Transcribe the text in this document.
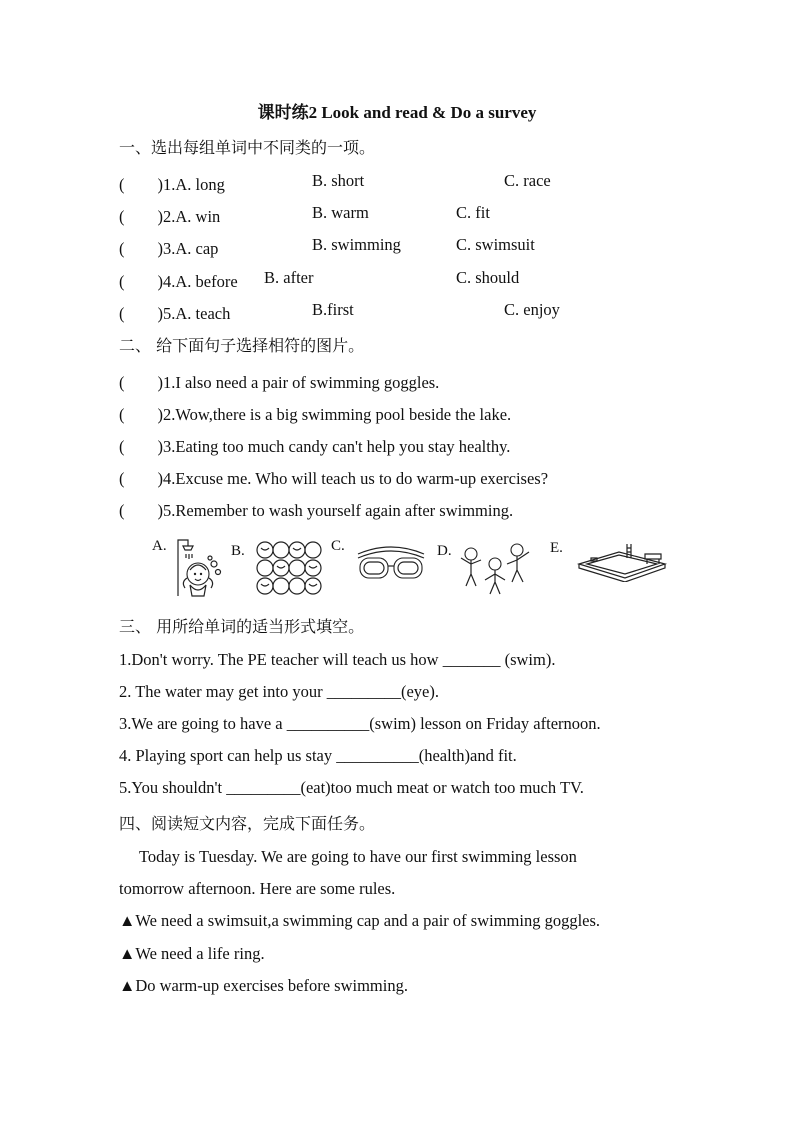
课时练2 Look and read & Do a survey
一、选出每组单词中不同类的一项。
(　　)1.A. long	B. short	C. race
(　　)2.A. win	B. warm	C. fit
(　　)3.A. cap	B. swimming	C. swimsuit
(　　)4.A. before B. after	C. should
(　　)5.A. teach	B.first	C. enjoy
二、 给下面句子选择相符的图片。
(　　)1.I also need a pair of swimming goggles.
(　　)2.Wow,there is a big swimming pool beside the lake.
(　　)3.Eating too much candy can't help you stay healthy.
(　　)4.Excuse me. Who will teach us to do warm-up exercises?
(　　)5.Remember to wash yourself again after swimming.
A.	B.	C.	D.	E.
三、 用所给单词的适当形式填空。
1.Don't worry. The PE teacher will teach us how _______ (swim).
2. The water may get into your _________(eye).
3.We are going to have a __________(swim) lesson on Friday afternoon.
4. Playing sport can help us stay __________(health)and fit.
5.You shouldn't _________(eat)too much meat or watch too much TV.
四、阅读短文内容，完成下面任务。
Today is Tuesday. We are going to have our first swimming lesson
tomorrow afternoon. Here are some rules.
▲We need a swimsuit,a swimming cap and a pair of swimming goggles.
▲We need a life ring.
▲Do warm-up exercises before swimming.
